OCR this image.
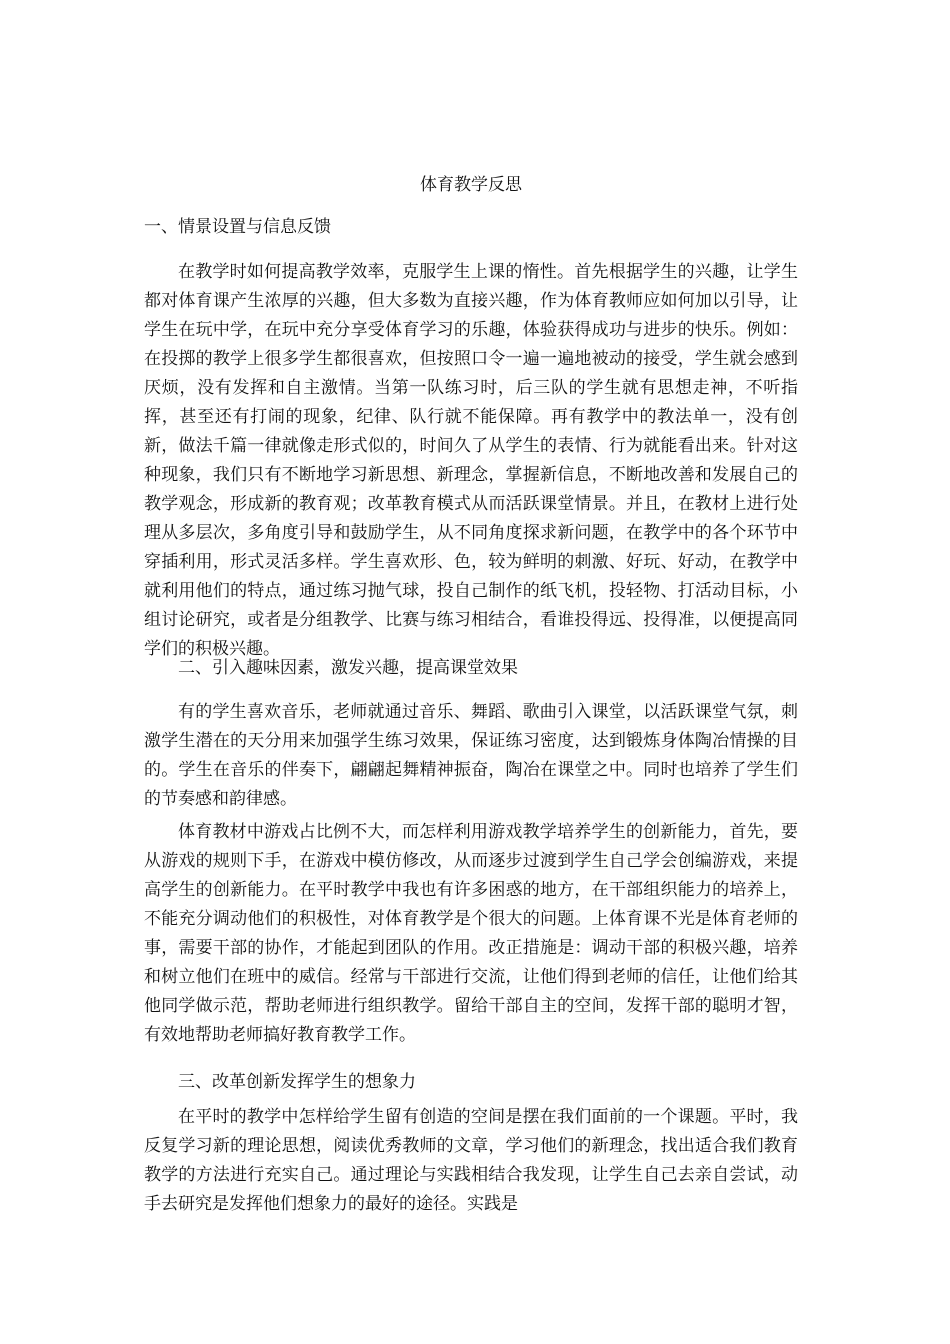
体育教学反思
一、情景设置与信息反馈

在教学时如何提高教学效率，克服学生上课的惰性。首先根据学生的兴趣，让学生都对体育课产生浓厚的兴趣，但大多数为直接兴趣，作为体育教师应如何加以引导，让学生在玩中学，在玩中充分享受体育学习的乐趣，体验获得成功与进步的快乐。例如：在投掷的教学上很多学生都很喜欢，但按照口令一遍一遍地被动的接受，学生就会感到厌烦，没有发挥和自主激情。当第一队练习时，后三队的学生就有思想走神，不听指挥，甚至还有打闹的现象，纪律、队行就不能保障。再有教学中的教法单一，没有创新，做法千篇一律就像走形式似的，时间久了从学生的表情、行为就能看出来。针对这种现象，我们只有不断地学习新思想、新理念，掌握新信息，不断地改善和发展自己的教学观念，形成新的教育观；改革教育模式从而活跃课堂情景。并且，在教材上进行处理从多层次，多角度引导和鼓励学生，从不同角度探求新问题，在教学中的各个环节中穿插利用，形式灵活多样。学生喜欢形、色，较为鲜明的刺激、好玩、好动，在教学中就利用他们的特点，通过练习抛气球，投自己制作的纸飞机，投轻物、打活动目标，小组讨论研究，或者是分组教学、比赛与练习相结合，看谁投得远、投得准，以便提高同学们的积极兴趣。

二、引入趣味因素，激发兴趣，提高课堂效果

有的学生喜欢音乐，老师就通过音乐、舞蹈、歌曲引入课堂，以活跃课堂气氛，刺激学生潜在的天分用来加强学生练习效果，保证练习密度，达到锻炼身体陶冶情操的目的。学生在音乐的伴奏下，翩翩起舞精神振奋，陶冶在课堂之中。同时也培养了学生们的节奏感和韵律感。

体育教材中游戏占比例不大，而怎样利用游戏教学培养学生的创新能力，首先，要从游戏的规则下手，在游戏中模仿修改，从而逐步过渡到学生自己学会创编游戏，来提高学生的创新能力。在平时教学中我也有许多困惑的地方，在干部组织能力的培养上，不能充分调动他们的积极性，对体育教学是个很大的问题。上体育课不光是体育老师的事，需要干部的协作，才能起到团队的作用。改正措施是：调动干部的积极兴趣，培养和树立他们在班中的威信。经常与干部进行交流，让他们得到老师的信任，让他们给其他同学做示范，帮助老师进行组织教学。留给干部自主的空间，发挥干部的聪明才智，有效地帮助老师搞好教育教学工作。

三、改革创新发挥学生的想象力

在平时的教学中怎样给学生留有创造的空间是摆在我们面前的一个课题。平时，我反复学习新的理论思想，阅读优秀教师的文章，学习他们的新理念，找出适合我们教育教学的方法进行充实自己。通过理论与实践相结合我发现，让学生自己去亲自尝试，动手去研究是发挥他们想象力的最好的途径。实践是
